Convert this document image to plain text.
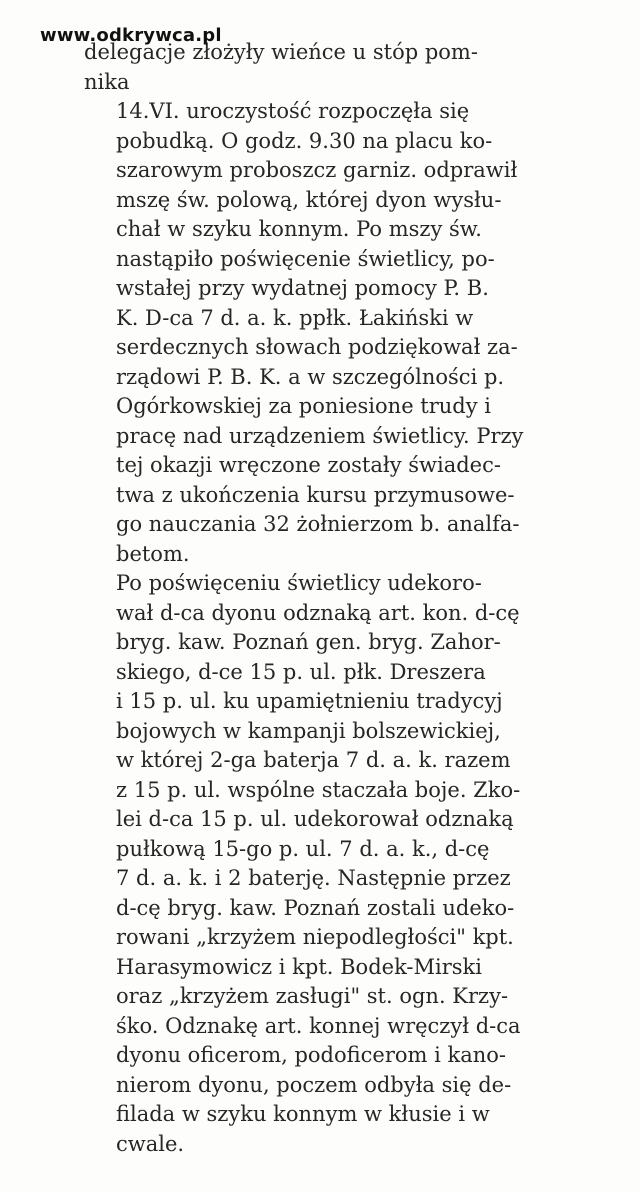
www.odkrywca.pl

delegacje złożyły wieńce u stóp pom-
nika

14.VI. uroczystość rozpoczęła się
pobudką. O godz. 9.30 na placu ko-
szarowym proboszcz garniz. odprawił
mszę św. polową, której dyon wysłu-
chał w szyku konnym. Po mszy św.
nastąpiło poświęcenie świetlicy, po-
wstałej przy wydatnej pomocy P. B.
K. D-ca 7 d. a. k. ppłk. Łakiński w
serdecznych słowach podziękował za-
rządowi P. B. K. a w szczególności p.
Ogórkowskiej za poniesione trudy i
pracę nad urządzeniem świetlicy. Przy
tej okazji wręczone zostały świadec-
twa z ukończenia kursu przymusowe-
go nauczania 32 żołnierzom b. analfa-
betom.

Po poświęceniu świetlicy udekoro-
wał d-ca dyonu odznaką art. kon. d-cę
bryg. kaw. Poznań gen. bryg. Zahor-
skiego, d-ce 15 p. ul. płk. Dreszera
i 15 p. ul. ku upamiętnieniu tradycyj
bojowych w kampanji bolszewickiej,
w której 2-ga baterja 7 d. a. k. razem
z 15 p. ul. wspólne staczała boje. Zko-
lei d-ca 15 p. ul. udekorował odznaką
pułkową 15-go p. ul. 7 d. a. k., d-cę
7 d. a. k. i 2 baterję. Następnie przez
d-cę bryg. kaw. Poznań zostali udeko-
rowani „krzyżem niepodległości" kpt.
Harasymowicz i kpt. Bodek-Mirski
oraz „krzyżem zasługi" st. ogn. Krzy-
śko. Odznakę art. konnej wręczył d-ca
dyonu oficerom, podoficerom i kano-
nierom dyonu, poczem odbyła się de-
filada w szyku konnym w kłusie i w
cwale.
